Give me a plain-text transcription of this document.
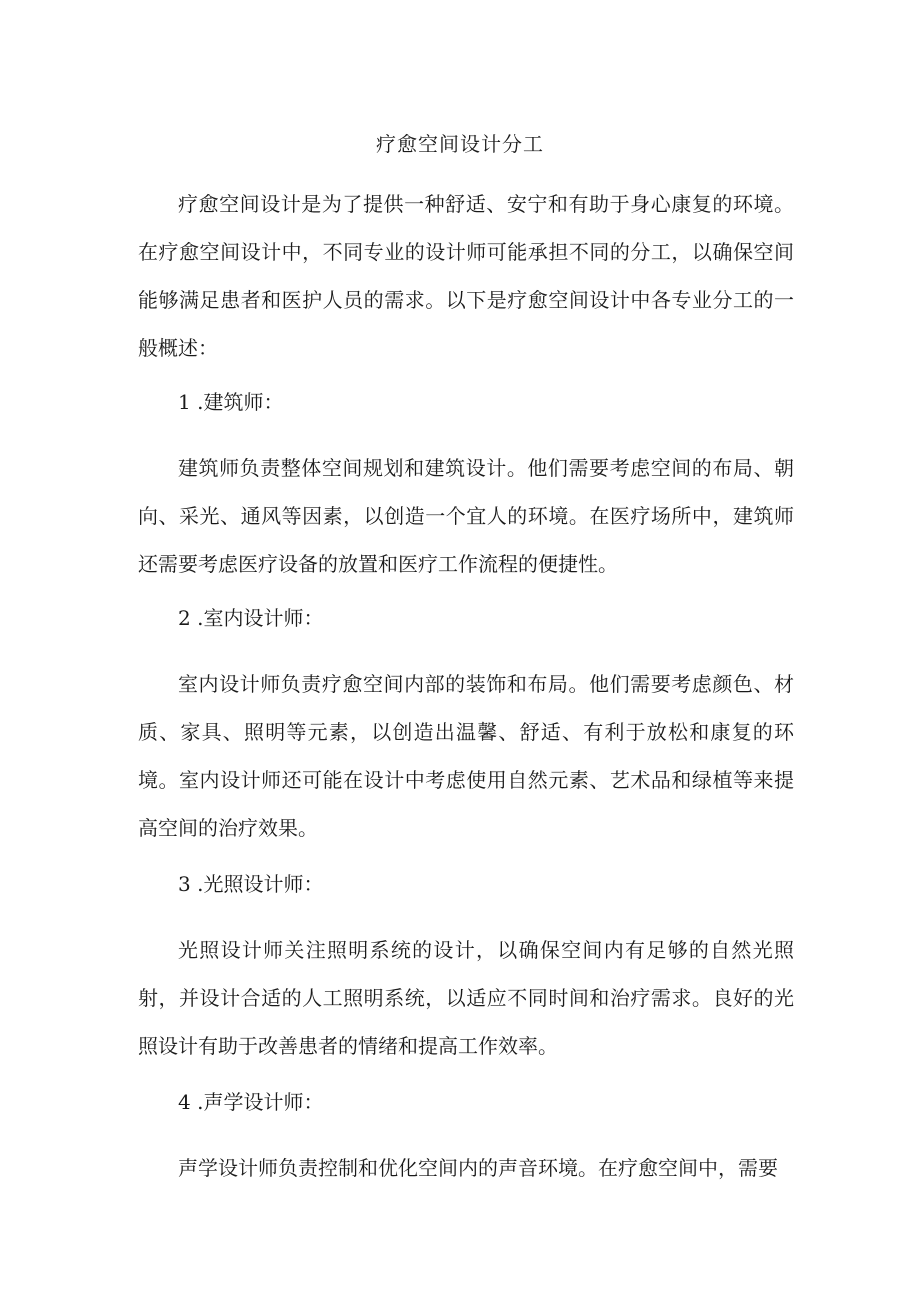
疗愈空间设计分工

疗愈空间设计是为了提供一种舒适、安宁和有助于身心康复的环境。在疗愈空间设计中，不同专业的设计师可能承担不同的分工，以确保空间能够满足患者和医护人员的需求。以下是疗愈空间设计中各专业分工的一般概述：

1 .建筑师：

建筑师负责整体空间规划和建筑设计。他们需要考虑空间的布局、朝向、采光、通风等因素，以创造一个宜人的环境。在医疗场所中，建筑师还需要考虑医疗设备的放置和医疗工作流程的便捷性。

2 .室内设计师：

室内设计师负责疗愈空间内部的装饰和布局。他们需要考虑颜色、材质、家具、照明等元素，以创造出温馨、舒适、有利于放松和康复的环境。室内设计师还可能在设计中考虑使用自然元素、艺术品和绿植等来提高空间的治疗效果。

3 .光照设计师：

光照设计师关注照明系统的设计，以确保空间内有足够的自然光照射，并设计合适的人工照明系统，以适应不同时间和治疗需求。良好的光照设计有助于改善患者的情绪和提高工作效率。

4 .声学设计师：

声学设计师负责控制和优化空间内的声音环境。在疗愈空间中，需要
